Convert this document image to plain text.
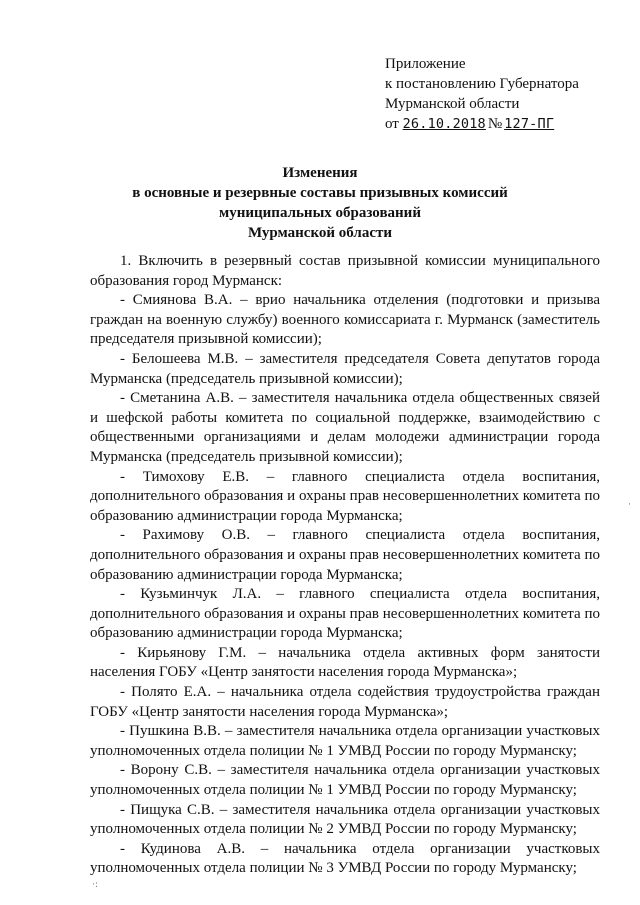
Приложение
к постановлению Губернатора
Мурманской области
от 26.10.2018 № 127-ПГ
Изменения
в основные и резервные составы призывных комиссий
муниципальных образований
Мурманской области

1. Включить в резервный состав призывной комиссии муниципального образования город Мурманск:

- Смиянова В.А. – врио начальника отделения (подготовки и призыва граждан на военную службу) военного комиссариата г. Мурманск (заместитель председателя призывной комиссии);

- Белошеева М.В. – заместителя председателя Совета депутатов города Мурманска (председатель призывной комиссии);

- Сметанина А.В. – заместителя начальника отдела общественных связей и шефской работы комитета по социальной поддержке, взаимодействию с общественными организациями и делам молодежи администрации города Мурманска (председатель призывной комиссии);

- Тимохову Е.В. – главного специалиста отдела воспитания, дополнительного образования и охраны прав несовершеннолетних комитета по образованию администрации города Мурманска;

- Рахимову О.В. – главного специалиста отдела воспитания, дополнительного образования и охраны прав несовершеннолетних комитета по образованию администрации города Мурманска;

- Кузьминчук Л.А. – главного специалиста отдела воспитания, дополнительного образования и охраны прав несовершеннолетних комитета по образованию администрации города Мурманска;

- Кирьянову Г.М. – начальника отдела активных форм занятости населения ГОБУ «Центр занятости населения города Мурманска»;

- Полято Е.А. – начальника отдела содействия трудоустройства граждан ГОБУ «Центр занятости населения города Мурманска»;

- Пушкина В.В. – заместителя начальника отдела организации участковых уполномоченных отдела полиции № 1 УМВД России по городу Мурманску;

- Ворону С.В. – заместителя начальника отдела организации участковых уполномоченных отдела полиции № 1 УМВД России по городу Мурманску;

- Пищука С.В. – заместителя начальника отдела организации участковых уполномоченных отдела полиции № 2 УМВД России по городу Мурманску;

- Кудинова А.В. – начальника отдела организации участковых уполномоченных отдела полиции № 3 УМВД России по городу Мурманску;

·:
·
